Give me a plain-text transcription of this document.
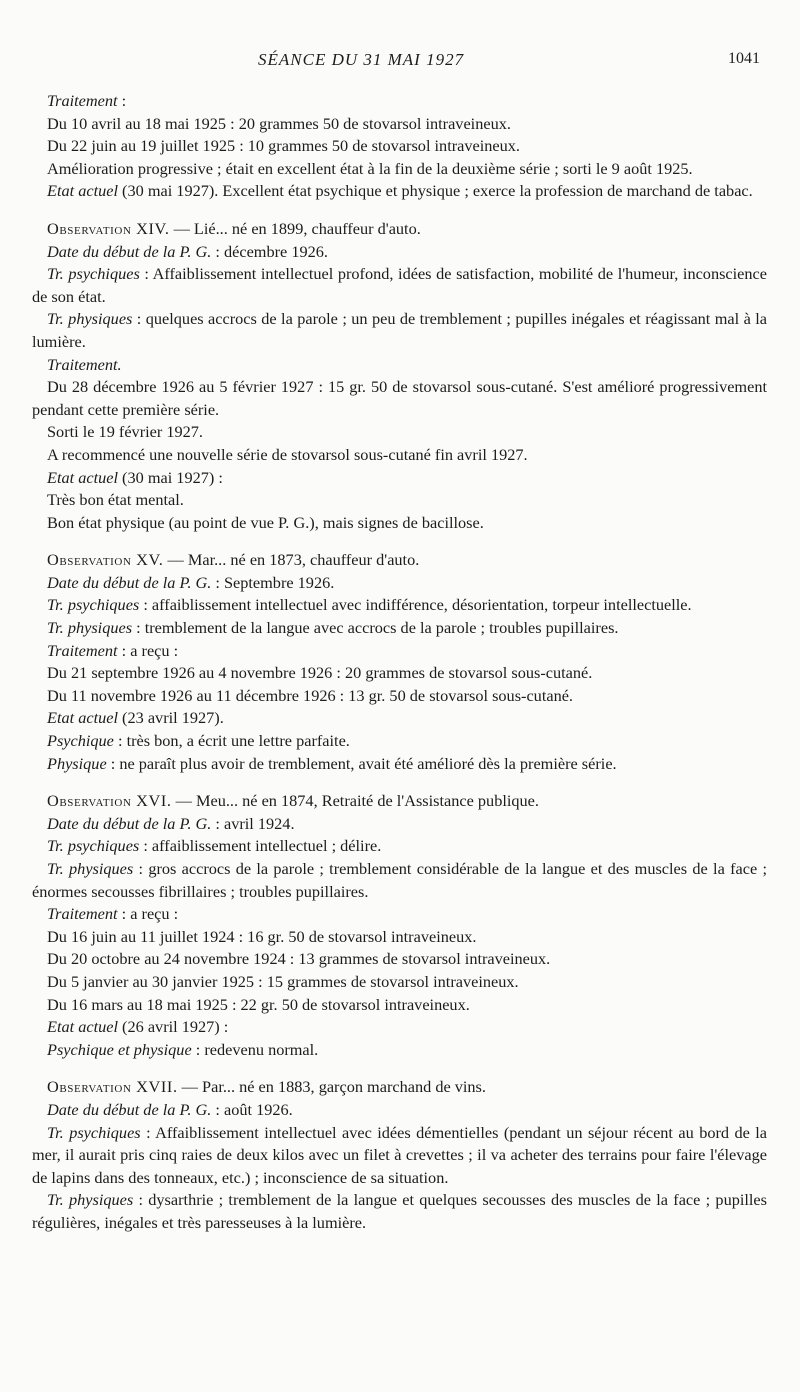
SÉANCE DU 31 MAI 1927	1041

Traitement :

Du 10 avril au 18 mai 1925 : 20 grammes 50 de stovarsol intraveineux.

Du 22 juin au 19 juillet 1925 : 10 grammes 50 de stovarsol intraveineux.

Amélioration progressive ; était en excellent état à la fin de la deuxième série ; sorti le 9 août 1925.

Etat actuel (30 mai 1927). Excellent état psychique et physique ; exerce la profession de marchand de tabac.

Observation XIV. — Lié... né en 1899, chauffeur d'auto.

Date du début de la P. G. : décembre 1926.

Tr. psychiques : Affaiblissement intellectuel profond, idées de satisfaction, mobilité de l'humeur, inconscience de son état.

Tr. physiques : quelques accrocs de la parole ; un peu de tremblement ; pupilles inégales et réagissant mal à la lumière.

Traitement.

Du 28 décembre 1926 au 5 février 1927 : 15 gr. 50 de stovarsol sous-cutané. S'est amélioré progressivement pendant cette première série.

Sorti le 19 février 1927.

A recommencé une nouvelle série de stovarsol sous-cutané fin avril 1927.

Etat actuel (30 mai 1927) :

Très bon état mental.

Bon état physique (au point de vue P. G.), mais signes de bacillose.

Observation XV. — Mar... né en 1873, chauffeur d'auto.

Date du début de la P. G. : Septembre 1926.

Tr. psychiques : affaiblissement intellectuel avec indifférence, désorientation, torpeur intellectuelle.

Tr. physiques : tremblement de la langue avec accrocs de la parole ; troubles pupillaires.

Traitement : a reçu :

Du 21 septembre 1926 au 4 novembre 1926 : 20 grammes de stovarsol sous-cutané.

Du 11 novembre 1926 au 11 décembre 1926 : 13 gr. 50 de stovarsol sous-cutané.

Etat actuel (23 avril 1927).

Psychique : très bon, a écrit une lettre parfaite.

Physique : ne paraît plus avoir de tremblement, avait été amélioré dès la première série.

Observation XVI. — Meu... né en 1874, Retraité de l'Assistance publique.

Date du début de la P. G. : avril 1924.

Tr. psychiques : affaiblissement intellectuel ; délire.

Tr. physiques : gros accrocs de la parole ; tremblement considérable de la langue et des muscles de la face ; énormes secousses fibrillaires ; troubles pupillaires.

Traitement : a reçu :

Du 16 juin au 11 juillet 1924 : 16 gr. 50 de stovarsol intraveineux.

Du 20 octobre au 24 novembre 1924 : 13 grammes de stovarsol intraveineux.

Du 5 janvier au 30 janvier 1925 : 15 grammes de stovarsol intraveineux.

Du 16 mars au 18 mai 1925 : 22 gr. 50 de stovarsol intraveineux.

Etat actuel (26 avril 1927) :

Psychique et physique : redevenu normal.

Observation XVII. — Par... né en 1883, garçon marchand de vins.

Date du début de la P. G. : août 1926.

Tr. psychiques : Affaiblissement intellectuel avec idées démentielles (pendant un séjour récent au bord de la mer, il aurait pris cinq raies de deux kilos avec un filet à crevettes ; il va acheter des terrains pour faire l'élevage de lapins dans des tonneaux, etc.) ; inconscience de sa situation.

Tr. physiques : dysarthrie ; tremblement de la langue et quelques secousses des muscles de la face ; pupilles régulières, inégales et très paresseuses à la lumière.
